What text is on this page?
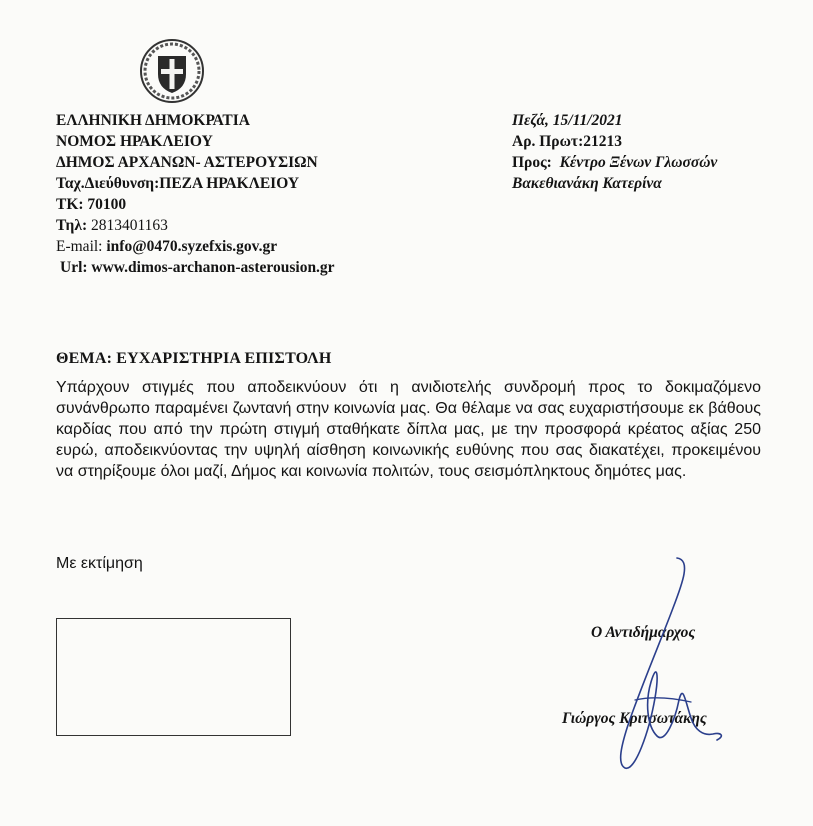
ΕΛΛΗΝΙΚΗ ΔΗΜΟΚΡΑΤΙΑ
ΝΟΜΟΣ ΗΡΑΚΛΕΙΟΥ
ΔΗΜΟΣ ΑΡΧΑΝΩΝ- ΑΣΤΕΡΟΥΣΙΩΝ
Ταχ.Διεύθυνση:ΠΕΖΑ ΗΡΑΚΛΕΙΟΥ
ΤΚ: 70100
Τηλ: 2813401163
E-mail: info@0470.syzefxis.gov.gr
Url: www.dimos-archanon-asterousion.gr
Πεζά, 15/11/2021
Αρ. Πρωτ:21213
Προς: Κέντρο Ξένων Γλωσσών
Βακεθιανάκη Κατερίνα
ΘΕΜΑ: ΕΥΧΑΡΙΣΤΗΡΙΑ ΕΠΙΣΤΟΛΗ
Υπάρχουν στιγμές που αποδεικνύουν ότι η ανιδιοτελής συνδρομή προς το δοκιμαζόμενο συνάνθρωπο παραμένει ζωντανή στην κοινωνία μας. Θα θέλαμε να σας ευχαριστήσουμε εκ βάθους καρδίας που από την πρώτη στιγμή σταθήκατε δίπλα μας, με την προσφορά κρέατος αξίας 250 ευρώ, αποδεικνύοντας την υψηλή αίσθηση κοινωνικής ευθύνης που σας διακατέχει, προκειμένου να στηρίξουμε όλοι μαζί, Δήμος και κοινωνία πολιτών, τους σεισμόπληκτους δημότες μας.
Με εκτίμηση
Ο Αντιδήμαρχος
Γιώργος Κριτσωτάκης
